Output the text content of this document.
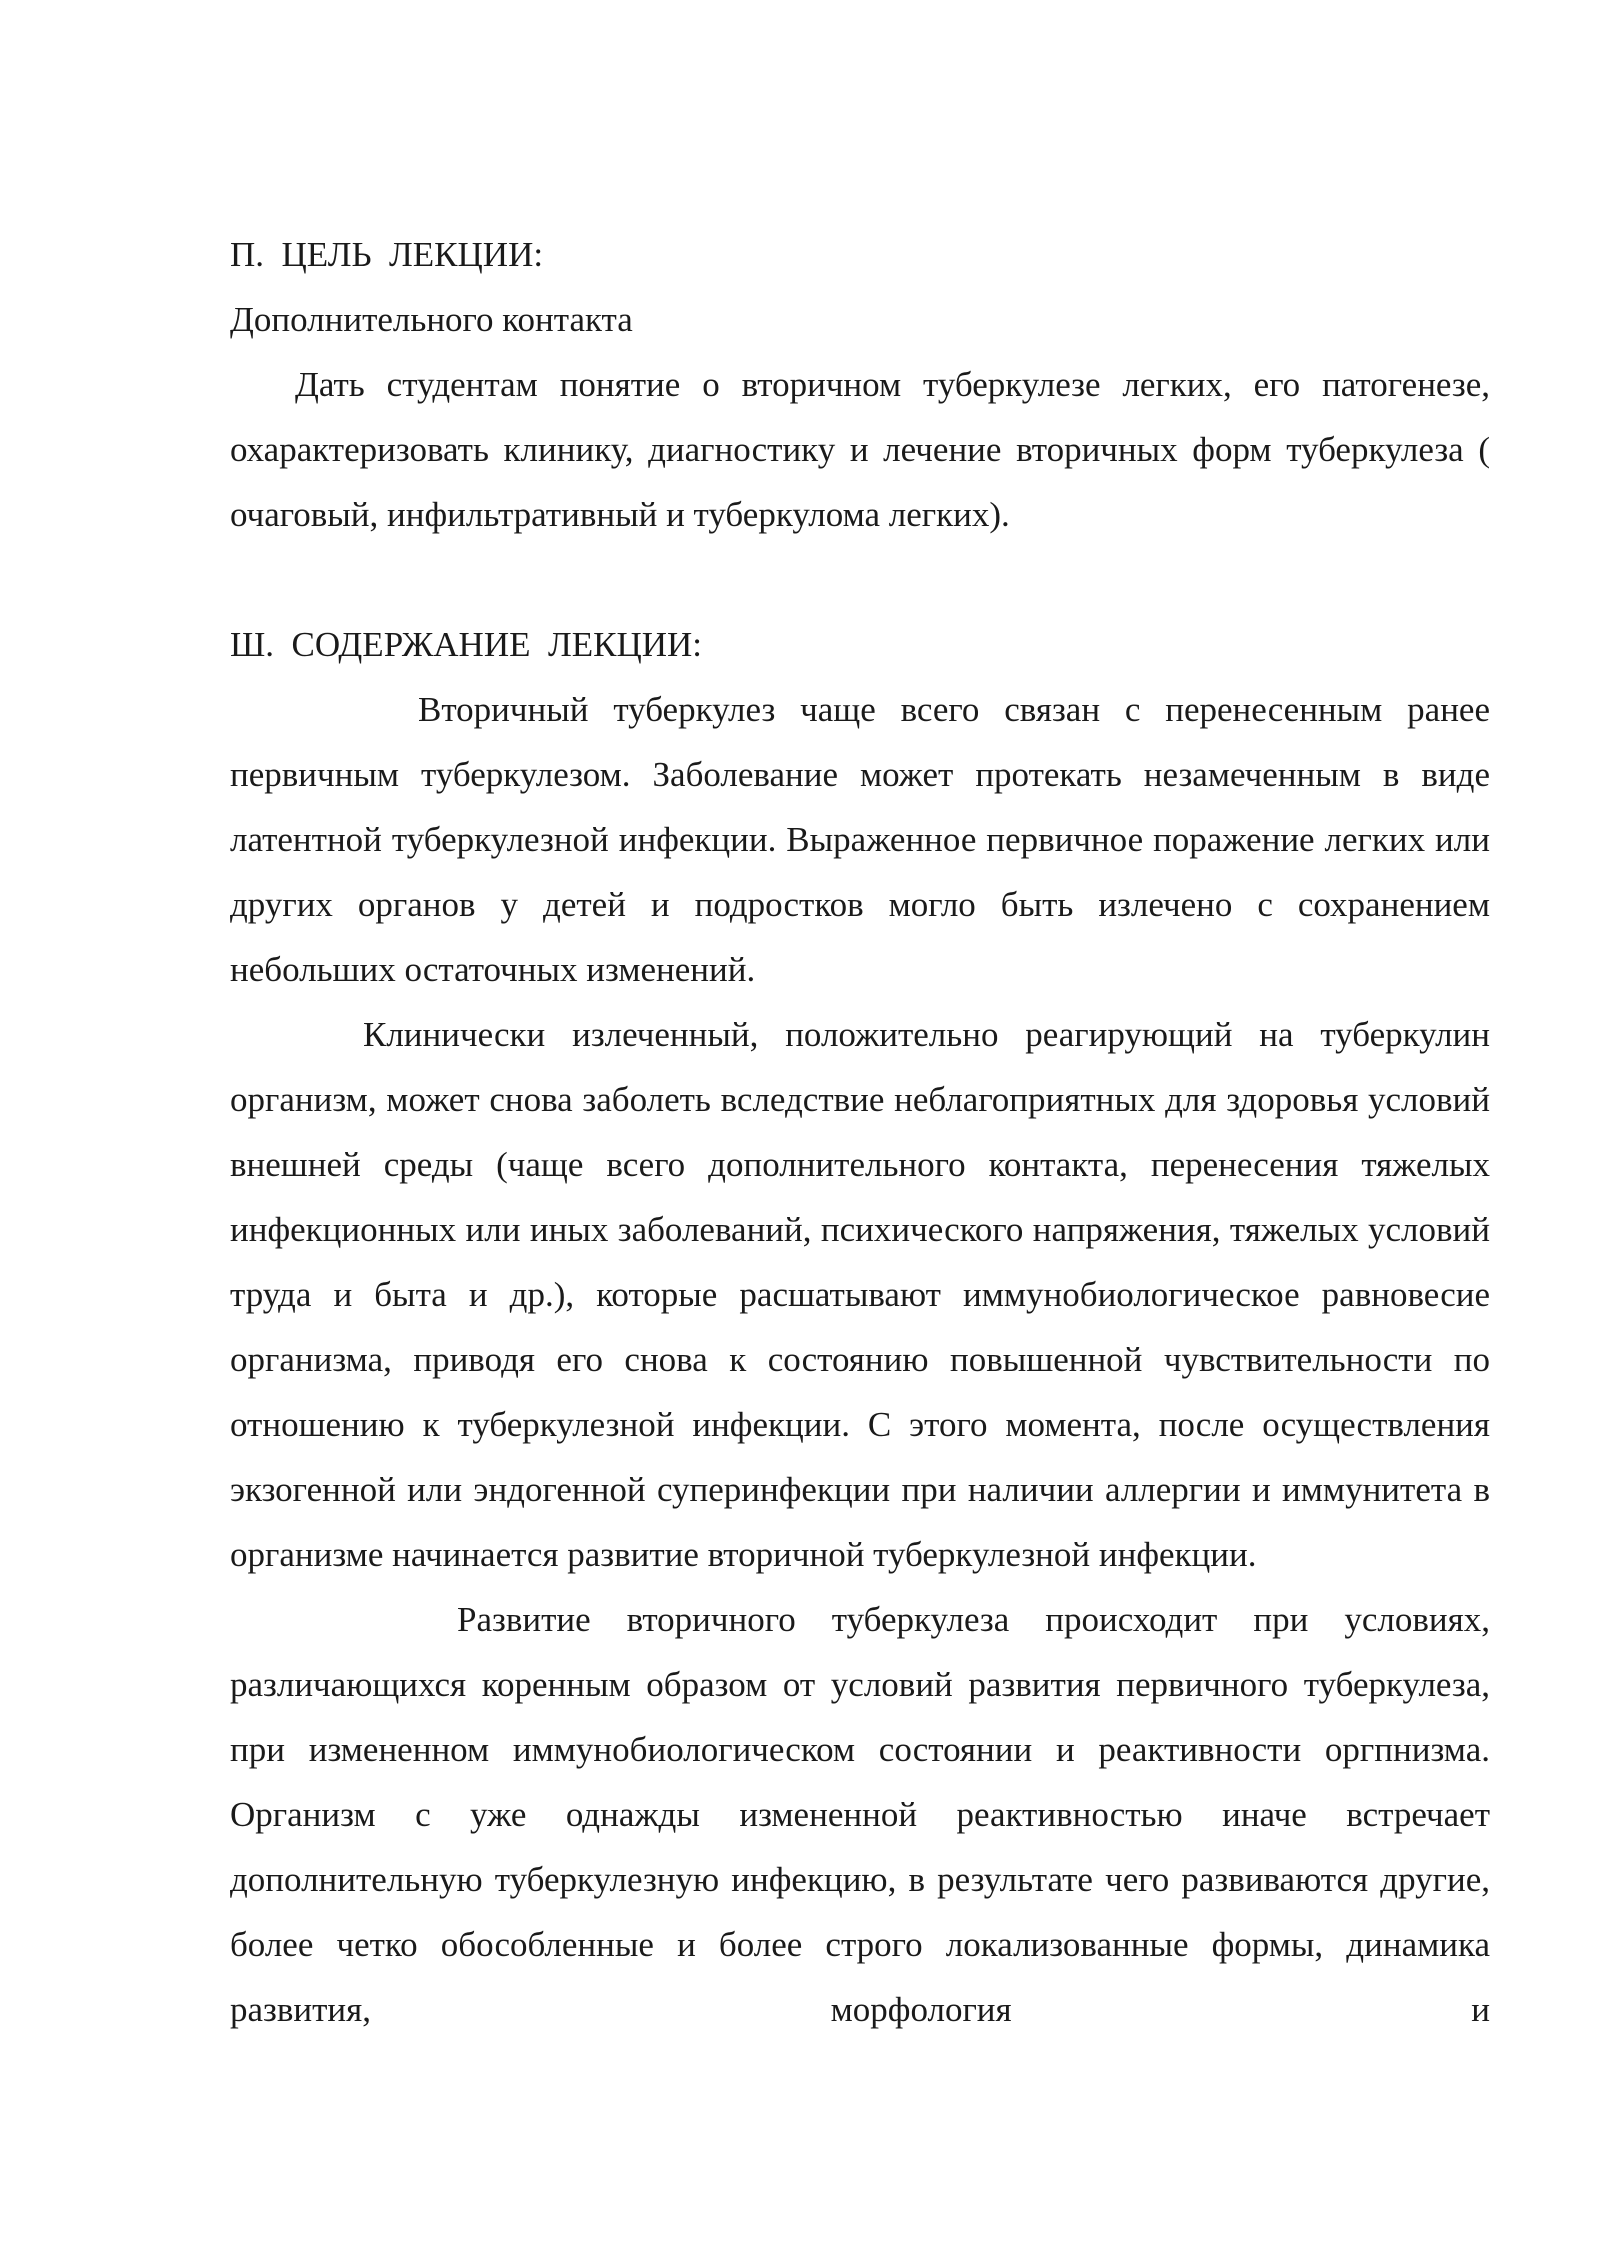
П.  ЦЕЛЬ  ЛЕКЦИИ:
Дополнительного контакта

Дать студентам понятие о вторичном туберкулезе легких, его патогенезе, охарактеризовать клинику, диагностику и лечение вторичных форм туберкулеза ( очаговый, инфильтративный и туберкулома легких).

Ш.  СОДЕРЖАНИЕ  ЛЕКЦИИ:

Вторичный туберкулез чаще всего связан с перенесенным ранее первичным туберкулезом. Заболевание может протекать незамеченным в виде латентной туберкулезной инфекции. Выраженное первичное поражение легких или других органов у детей и подростков могло быть излечено с сохранением небольших остаточных изменений.

Клинически излеченный, положительно реагирующий на туберкулин организм, может снова заболеть вследствие неблагоприятных для здоровья условий внешней среды (чаще всего дополнительного контакта, перенесения тяжелых инфекционных или иных заболеваний, психического напряжения, тяжелых условий труда и быта и др.), которые расшатывают иммунобиологическое равновесие организма, приводя его снова к состоянию повышенной чувствительности по отношению к туберкулезной инфекции. С этого момента, после осуществления экзогенной или эндогенной суперинфекции при наличии аллергии и иммунитета в организме начинается развитие вторичной туберкулезной инфекции.

Развитие вторичного туберкулеза происходит при условиях, различающихся коренным образом от условий развития первичного туберкулеза, при измененном иммунобиологическом состоянии и реактивности оргпнизма. Организм с уже однажды измененной реактивностью иначе встречает дополнительную туберкулезную инфекцию, в результате чего развиваются другие, более четко обособленные и более строго локализованные формы, динамика развития, морфология и
